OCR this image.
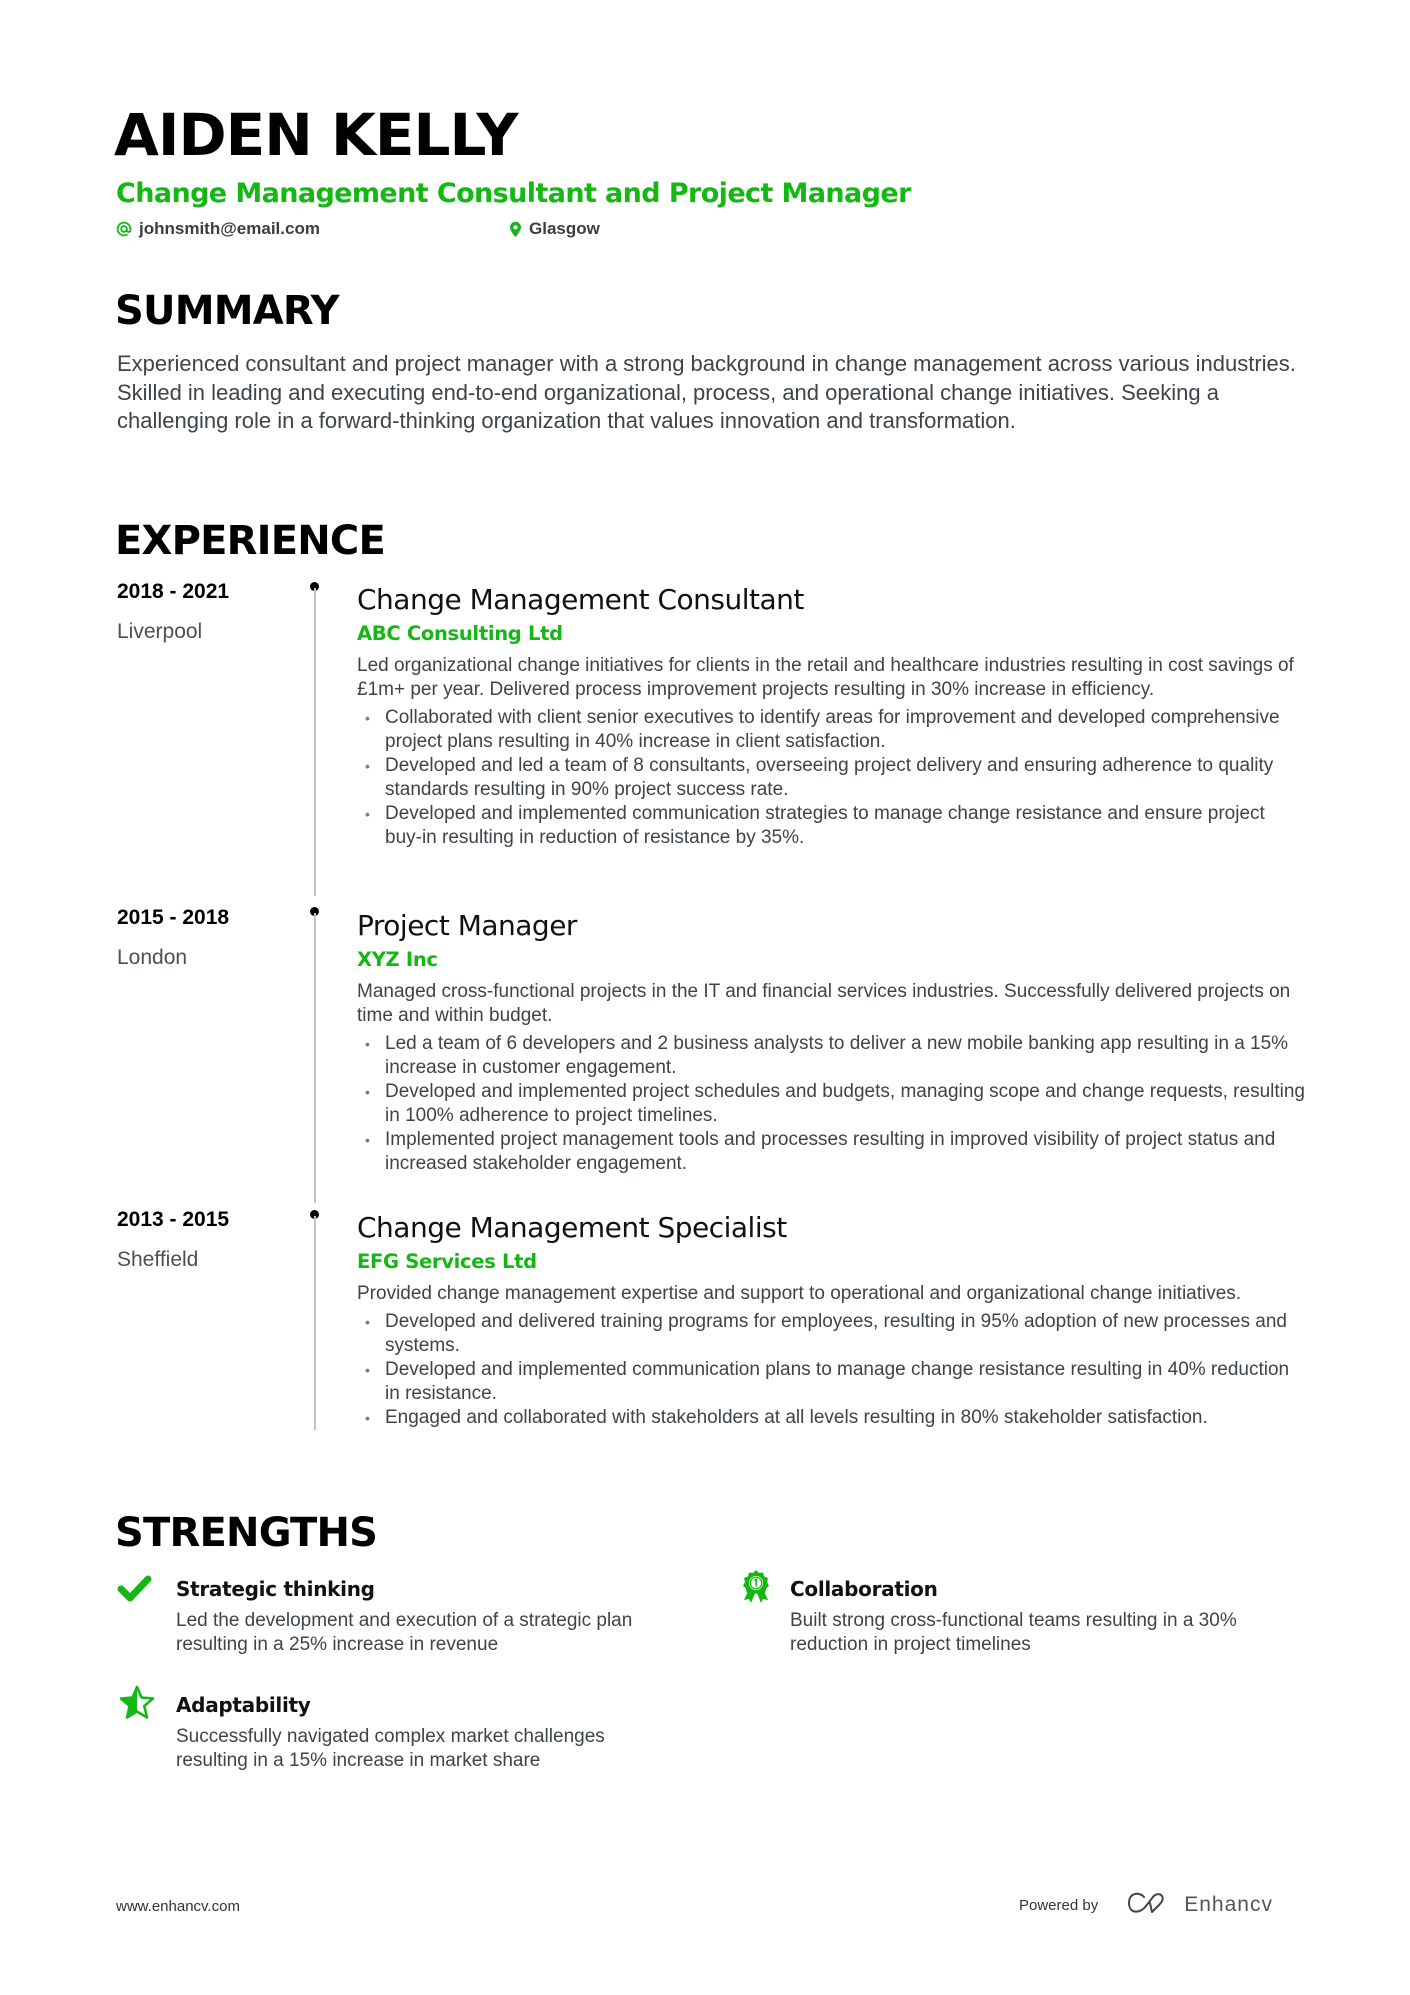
AIDEN KELLY
Change Management Consultant and Project Manager
johnsmith@email.com	Glasgow
SUMMARY
Experienced consultant and project manager with a strong background in change management across various industries. Skilled in leading and executing end-to-end organizational, process, and operational change initiatives. Seeking a challenging role in a forward-thinking organization that values innovation and transformation.
EXPERIENCE
2018 - 2021
Liverpool
Change Management Consultant
ABC Consulting Ltd
Led organizational change initiatives for clients in the retail and healthcare industries resulting in cost savings of £1m+ per year. Delivered process improvement projects resulting in 30% increase in efficiency.
• Collaborated with client senior executives to identify areas for improvement and developed comprehensive project plans resulting in 40% increase in client satisfaction.
• Developed and led a team of 8 consultants, overseeing project delivery and ensuring adherence to quality standards resulting in 90% project success rate.
• Developed and implemented communication strategies to manage change resistance and ensure project buy-in resulting in reduction of resistance by 35%.
2015 - 2018
London
Project Manager
XYZ Inc
Managed cross-functional projects in the IT and financial services industries. Successfully delivered projects on time and within budget.
• Led a team of 6 developers and 2 business analysts to deliver a new mobile banking app resulting in a 15% increase in customer engagement.
• Developed and implemented project schedules and budgets, managing scope and change requests, resulting in 100% adherence to project timelines.
• Implemented project management tools and processes resulting in improved visibility of project status and increased stakeholder engagement.
2013 - 2015
Sheffield
Change Management Specialist
EFG Services Ltd
Provided change management expertise and support to operational and organizational change initiatives.
• Developed and delivered training programs for employees, resulting in 95% adoption of new processes and systems.
• Developed and implemented communication plans to manage change resistance resulting in 40% reduction in resistance.
• Engaged and collaborated with stakeholders at all levels resulting in 80% stakeholder satisfaction.
STRENGTHS
Strategic thinking
Led the development and execution of a strategic plan resulting in a 25% increase in revenue
Collaboration
Built strong cross-functional teams resulting in a 30% reduction in project timelines
Adaptability
Successfully navigated complex market challenges resulting in a 15% increase in market share
www.enhancv.com	Powered by	Enhancv
